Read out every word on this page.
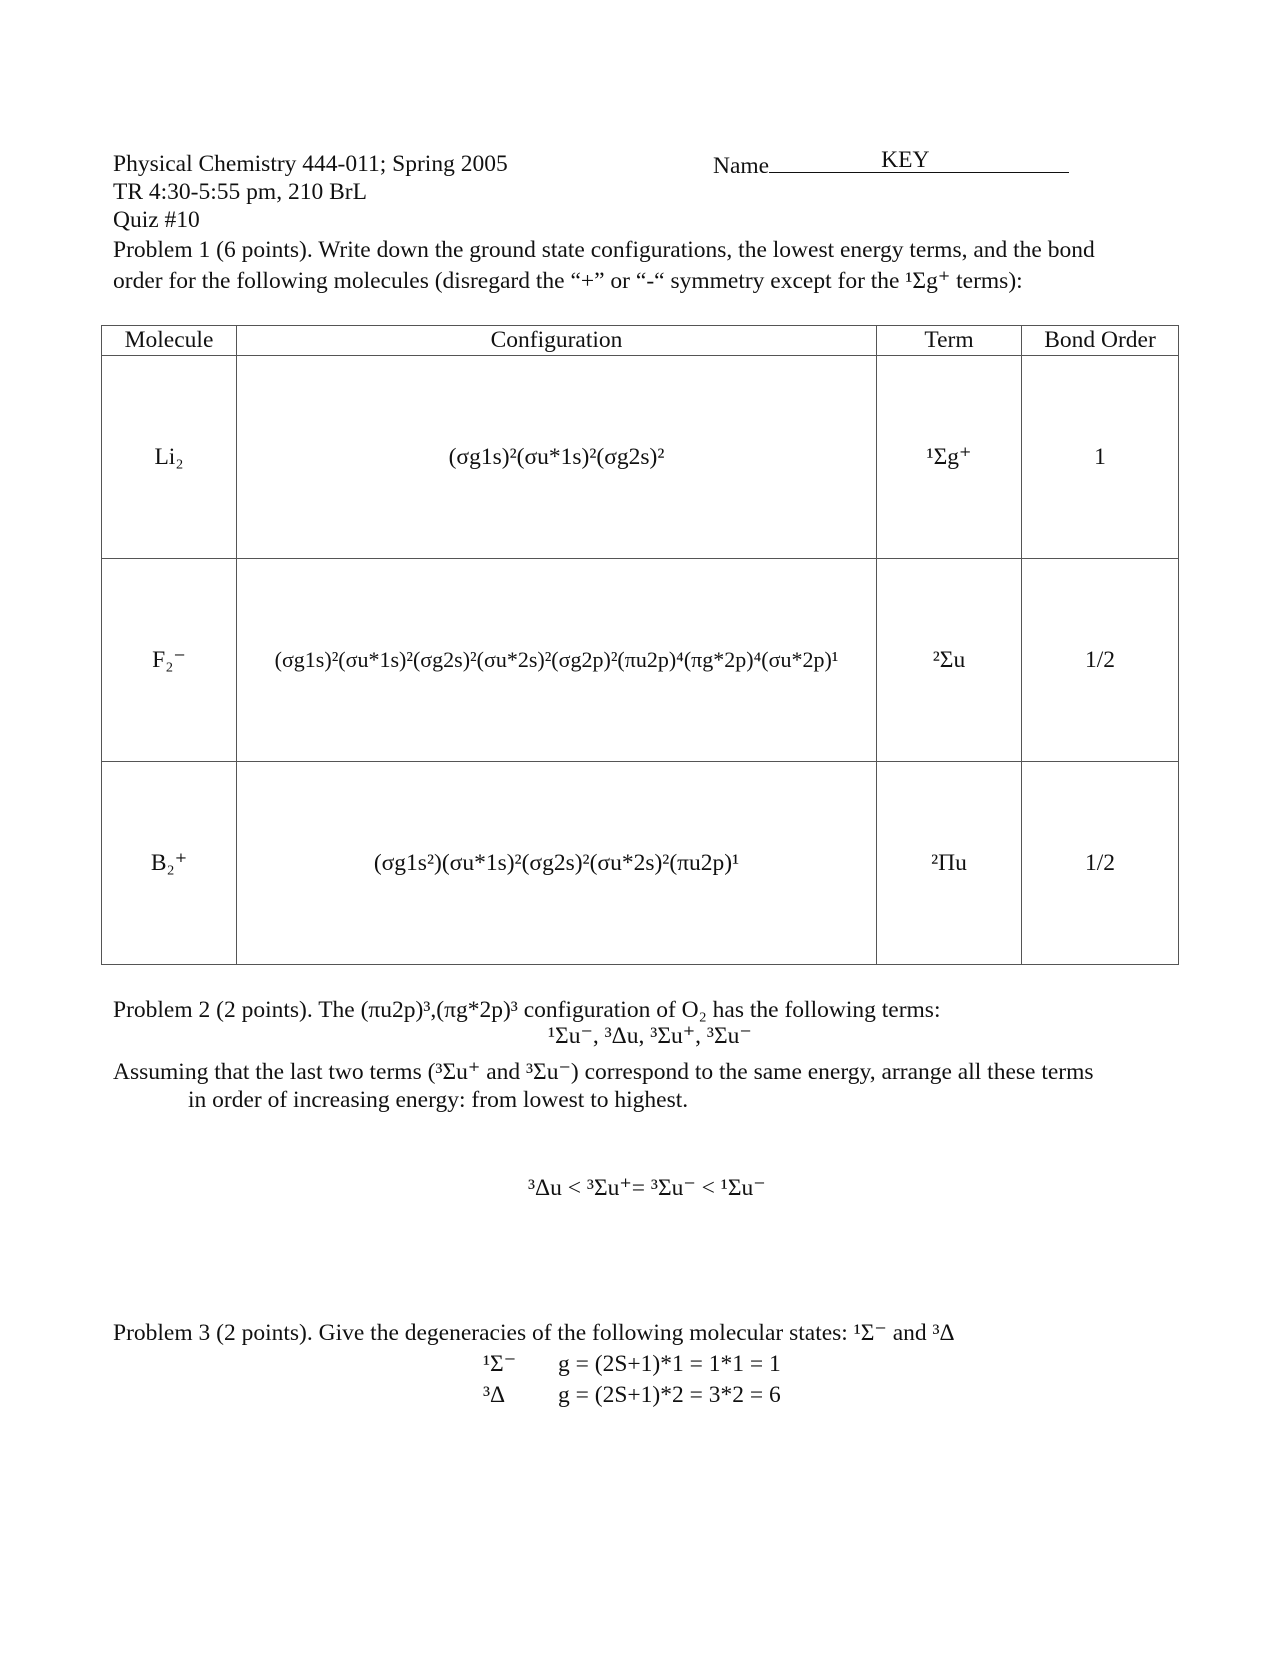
Physical Chemistry 444-011; Spring 2005
TR 4:30-5:55 pm, 210 BrL
Quiz #10
Name	KEY
Problem 1 (6 points). Write down the ground state configurations, the lowest energy terms, and the bond
order for the following molecules (disregard the “+” or “-“ symmetry except for the ¹Σg⁺ terms):
Molecule	Configuration	Term	Bond Order
Li₂	(σg1s)²(σu*1s)²(σg2s)²	¹Σg⁺	1
F₂⁻	(σg1s)²(σu*1s)²(σg2s)²(σu*2s)²(σg2p)²(πu2p)⁴(πg*2p)⁴(σu*2p)¹	²Σu	1/2
B₂⁺	(σg1s²)(σu*1s)²(σg2s)²(σu*2s)²(πu2p)¹	²Πu	1/2
Problem 2 (2 points). The (πu2p)³,(πg*2p)³ configuration of O₂ has the following terms:
¹Σu⁻, ³Δu, ³Σu⁺, ³Σu⁻
Assuming that the last two terms (³Σu⁺ and ³Σu⁻) correspond to the same energy, arrange all these terms
in order of increasing energy: from lowest to highest.
³Δu < ³Σu⁺= ³Σu⁻ < ¹Σu⁻
Problem 3 (2 points). Give the degeneracies of the following molecular states: ¹Σ⁻ and ³Δ
¹Σ⁻ g = (2S+1)*1 = 1*1 = 1
³Δ g = (2S+1)*2 = 3*2 = 6
